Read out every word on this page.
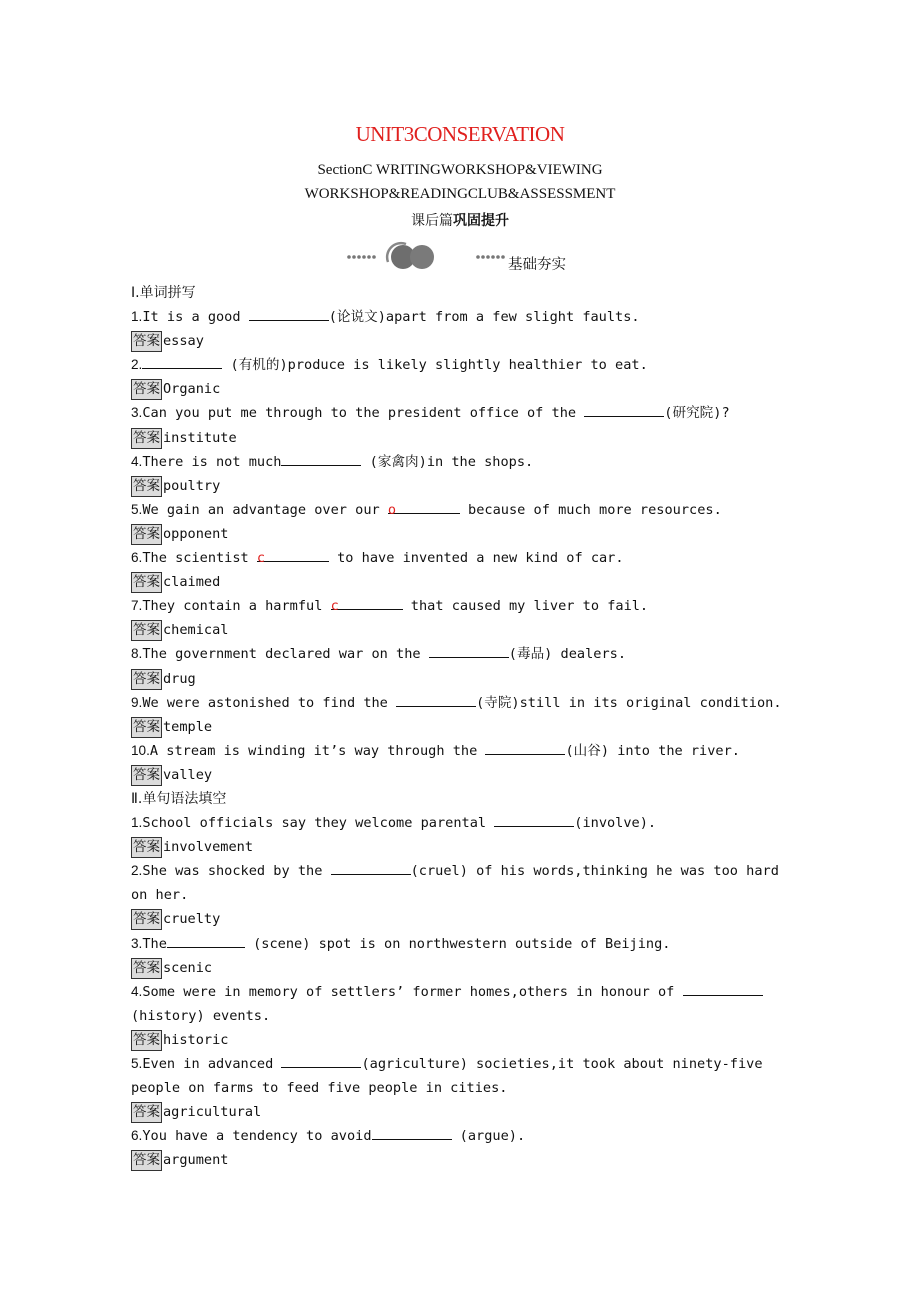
UNIT3CONSERVATION
SectionC WRITINGWORKSHOP&VIEWING
WORKSHOP&READINGCLUB&ASSESSMENT
课后篇巩固提升
基础夯实
Ⅰ.单词拼写
1.It is a good	(论说文)apart from a few slight faults.
答案 essay
2.	(有机的)produce is likely slightly healthier to eat.
答案 Organic
3.Can you put me through to the president office of the	(研究院)?
答案 institute
4.There is not much	(家禽肉)in the shops.
答案 poultry
5.We gain an advantage over our o	because of much more resources.
答案 opponent
6.The scientist c	to have invented a new kind of car.
答案 claimed
7.They contain a harmful c	that caused my liver to fail.
答案 chemical
8.The government declared war on the	(毒品) dealers.
答案 drug
9.We were astonished to find the	(寺院)still in its original condition.
答案 temple
10.A stream is winding it’s way through the	(山谷) into the river.
答案 valley
Ⅱ.单句语法填空
1.School officials say they welcome parental	(involve).
答案 involvement
2.She was shocked by the	(cruel) of his words,thinking he was too hard on her.
答案 cruelty
3.The	(scene) spot is on northwestern outside of Beijing.
答案 scenic
4.Some were in memory of settlers’ former homes,others in honour of (history) events.
答案 historic
5.Even in advanced	(agriculture) societies,it took about ninety-five people on farms to feed five people in cities.
答案 agricultural
6.You have a tendency to avoid	(argue).
答案 argument
